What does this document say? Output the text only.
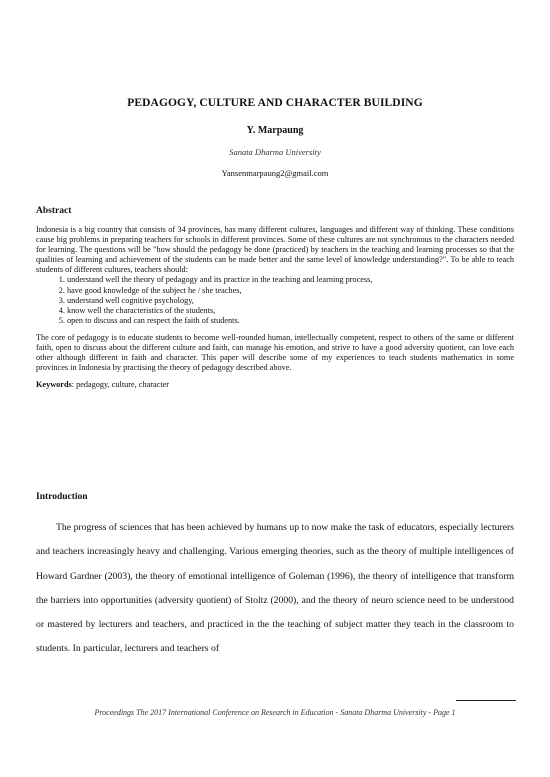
PEDAGOGY, CULTURE AND CHARACTER BUILDING
Y. Marpaung
Sanata Dharma University
Yansenmarpaung2@gmail.com
Abstract

Indonesia is a big country that consists of 34 provinces, has many different cultures, languages and different way of thinking. These conditions cause big problems in preparing teachers for schools in different provinces. Some of these cultures are not synchronous to the characters needed for learning. The questions will be "how should the pedagogy be done (practiced) by teachers in the teaching and learning processes so that the qualities of learning and achievement of the students can be made better and the same level of knowledge understanding?". To be able to teach students of different cultures, teachers should:

1. understand well the theory of pedagogy and its practice in the teaching and learning process,
2. have good knowledge of the subject he / she teaches,
3. understand well cognitive psychology,
4. know well the characteristics of the students,
5. open to discuss and can respect the faith of students.

The core of pedagogy is to educate students to become well-rounded human, intellectually competent, respect to others of the same or different faith, open to discuss about the different culture and faith, can manage his emotion, and strive to have a good adversity quotient, can love each other although different in faith and character. This paper will describe some of my experiences to teach students mathematics in some provinces in Indonesia by practising the theory of pedagogy described above.

Keywords: pedagogy, culture, character
Introduction

The progress of sciences that has been achieved by humans up to now make the task of educators, especially lecturers and teachers increasingly heavy and challenging. Various emerging theories, such as the theory of multiple intelligences of Howard Gardner (2003), the theory of emotional intelligence of Goleman (1996), the theory of intelligence that transform the barriers into opportunities (adversity quotient) of Stoltz (2000), and the theory of neuro science need to be understood or mastered by lecturers and teachers, and practiced in the the teaching of subject matter they teach in the classroom to students. In particular, lecturers and teachers of

Proceedings The 2017 International Conference on Research in Education - Sanata Dharma University - Page 1
